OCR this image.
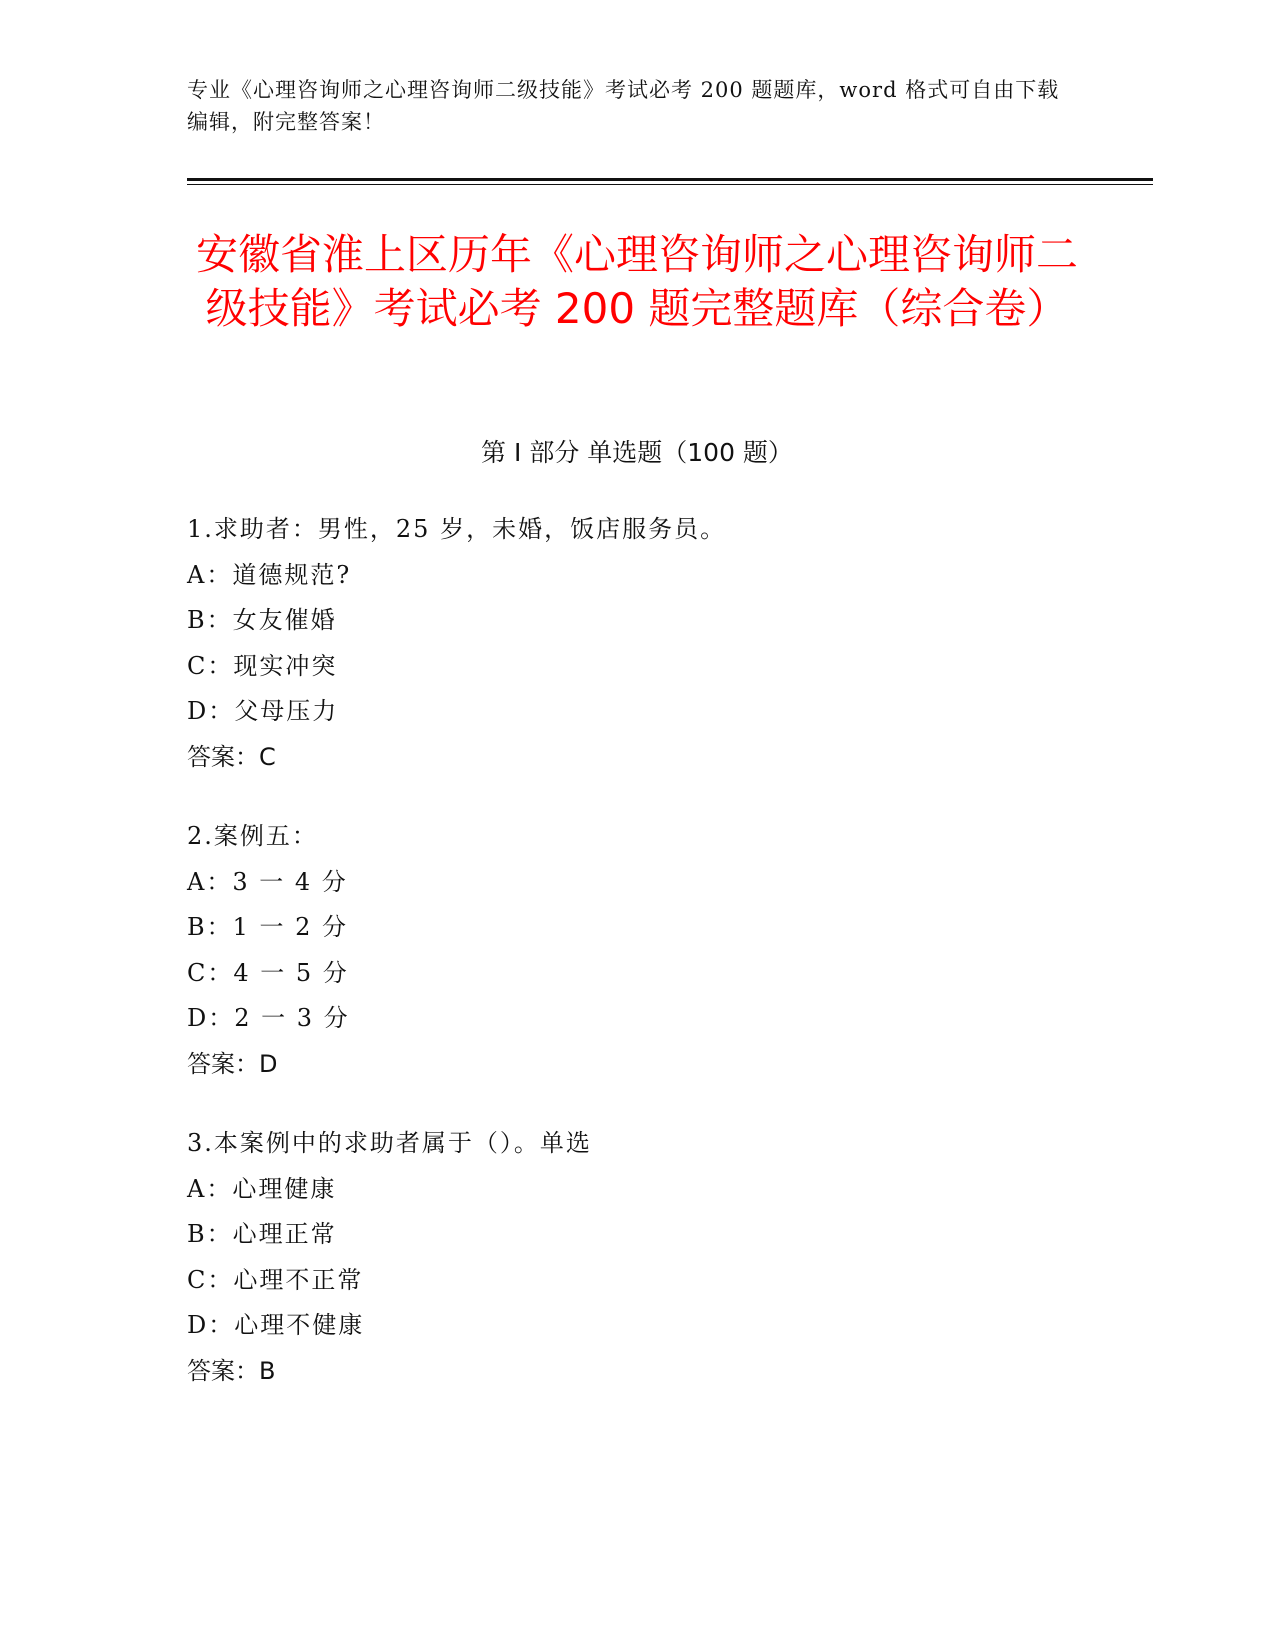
专业《心理咨询师之心理咨询师二级技能》考试必考 200 题题库，word 格式可自由下载编辑，附完整答案！
安徽省淮上区历年《心理咨询师之心理咨询师二级技能》考试必考 200 题完整题库（综合卷）
第 I 部分 单选题（100 题）
1.求助者：男性，25 岁，未婚，饭店服务员。
A：道德规范?
B：女友催婚
C：现实冲突
D：父母压力
答案：C
2.案例五：
A：3 一 4 分
B：1 一 2 分
C：4 一 5 分
D：2 一 3 分
答案：D
3.本案例中的求助者属于（）。单选
A：心理健康
B：心理正常
C：心理不正常
D：心理不健康
答案：B
